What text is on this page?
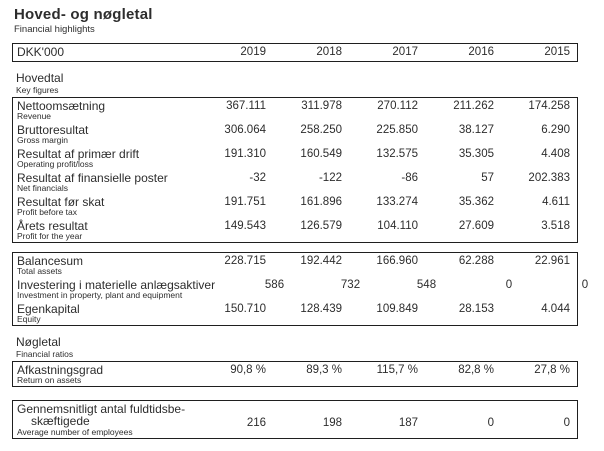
Hoved- og nøgletal
Financial highlights
DKK'000	2019	2018	2017	2016	2015
Hovedtal
Key figures
Nettoomsætning
Revenue
367.111	311.978	270.112	211.262	174.258
Bruttoresultat
Gross margin
306.064	258.250	225.850	38.127	6.290
Resultat af primær drift
Operating profit/loss
191.310	160.549	132.575	35.305	4.408
Resultat af finansielle poster
Net financials
-32	-122	-86	57	202.383
Resultat før skat
Profit before tax
191.751	161.896	133.274	35.362	4.611
Årets resultat
Profit for the year
149.543	126.579	104.110	27.609	3.518
Balancesum
Total assets
228.715	192.442	166.960	62.288	22.961
Investering i materielle anlægsaktiver
Investment in property, plant and equipment
586	732	548	0	0
Egenkapital
Equity
150.710	128.439	109.849	28.153	4.044
Nøgletal
Financial ratios
Afkastningsgrad
Return on assets
90,8 %	89,3 %	115,7 %	82,8 %	27,8 %
Gennemsnitligt antal fuldtidsbe-
skæftigede
Average number of employees
216	198	187	0	0
